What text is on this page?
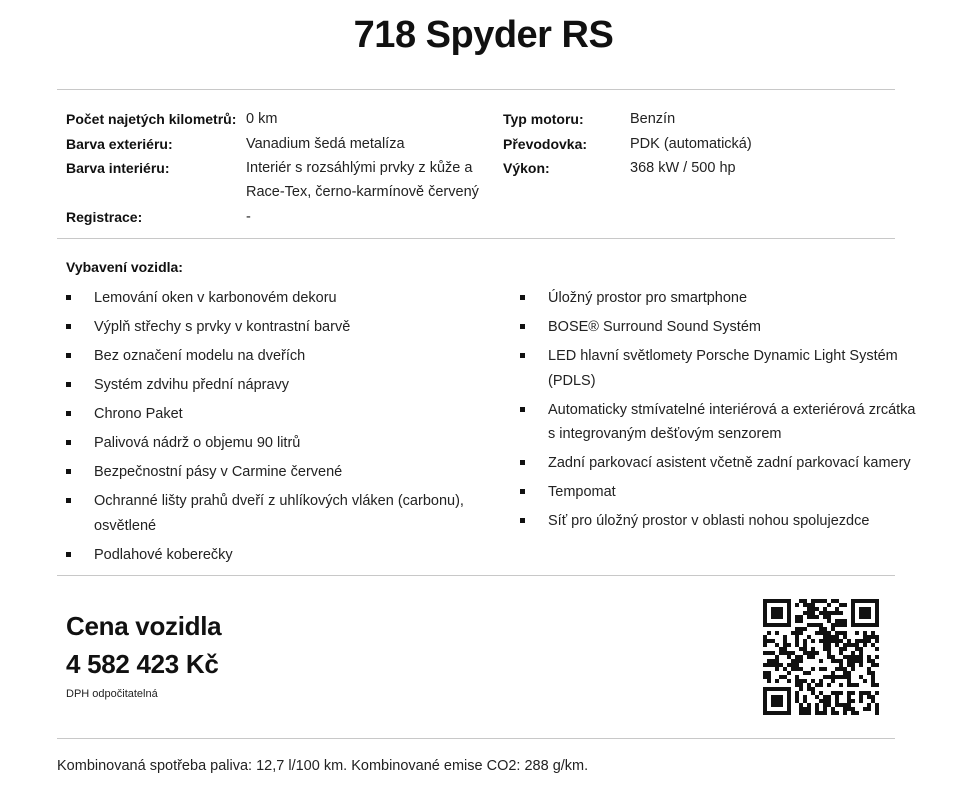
718 Spyder RS
Počet najetých kilometrů: 0 km
Barva exteriéru:	Vanadium šedá metalíza
Barva interiéru:	Interiér s rozsáhlými prvky z kůže a
Race-Tex, černo-karmínově červený
Registrace:	-
Typ motoru:	Benzín
Převodovka:	PDK (automatická)
Výkon:	368 kW / 500 hp
Vybavení vozidla:
Lemování oken v karbonovém dekoru
Výplň střechy s prvky v kontrastní barvě
Bez označení modelu na dveřích
Systém zdvihu přední nápravy
Chrono Paket
Palivová nádrž o objemu 90 litrů
Bezpečnostní pásy v Carmine červené
Ochranné lišty prahů dveří z uhlíkových vláken (carbonu),
osvětlené
Podlahové koberečky
Úložný prostor pro smartphone
BOSE® Surround Sound Systém
LED hlavní světlomety Porsche Dynamic Light Systém
(PDLS)
Automaticky stmívatelné interiérová a exteriérová zrcátka
s integrovaným dešťovým senzorem
Zadní parkovací asistent včetně zadní parkovací kamery
Tempomat
Síť pro úložný prostor v oblasti nohou spolujezdce
Cena vozidla
4 582 423 Kč
DPH odpočitatelná
Kombinovaná spotřeba paliva: 12,7 l/100 km. Kombinované emise CO2: 288 g/km.
